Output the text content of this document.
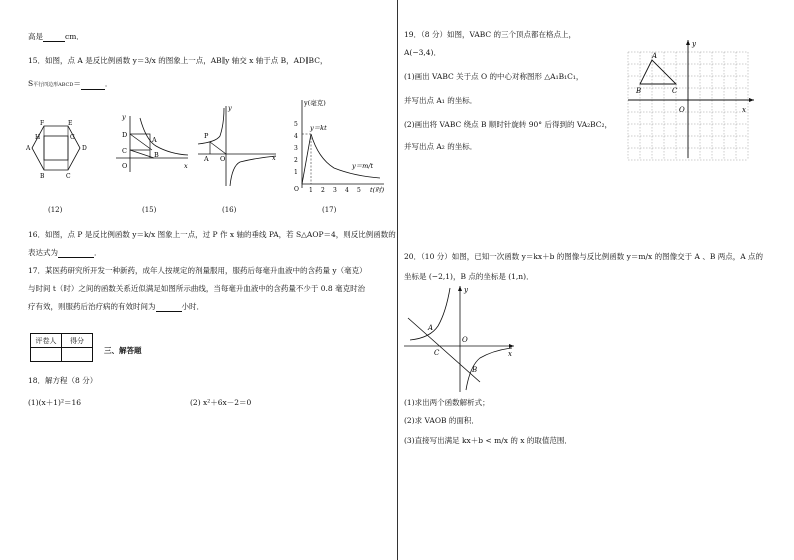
高是	cm．
15．如图，点 A 是反比例函数 y＝3/x 的图象上一点，AB∥y 轴交 x 轴于点 B，AD∥BC，
S平行四边形ABCD＝	．
F	E
H	G
A	D
B	C
y
D
C
O
A
B
x
y
P
A O	x
y(毫克)
t(时)
y＝kt
y＝m/t
5
4
3
2
1
O 1 2 3 4 5
(12)	(15)	(16)	(17)
16．如图，点 P 是反比例函数 y＝k/x 图象上一点，过 P 作 x 轴的垂线 PA，若 S△AOP＝4，则反比例函数的
表达式为	．
17．某医药研究所开发一种新药，成年人按规定的剂量服用，服药后每毫升血液中的含药量 y（毫克）
与时间 t（时）之间的函数关系近似满足如图所示曲线，当每毫升血液中的含药量不少于 0.8 毫克时治
疗有效，则服药后治疗病的有效时间为	小时．
评卷人	得分

三、解答题
18．解方程（8 分）
(1)(x＋1)²＝16	(2) x²＋6x－2＝0
19．（8 分）如图，VABC 的三个顶点都在格点上，
A(−3,4)．
(1)画出 VABC 关于点 O 的中心对称图形 △A₁B₁C₁，
并写出点 A₁ 的坐标．
(2)画出将 VABC 绕点 B 顺时针旋转 90° 后得到的 VA₂BC₂，
并写出点 A₂ 的坐标．
y
x
A
B	C
O
20．（10 分）如图，已知一次函数 y＝kx＋b 的图像与反比例函数 y＝m/x 的图像交于 A 、B 两点，A 点的
坐标是 (−2,1)，B 点的坐标是 (1,n)．
y
x
A
B
C
O
(1)求出两个函数解析式；
(2)求 VAOB 的面积．
(3)直接写出满足 kx＋b < m/x 的 x 的取值范围．
